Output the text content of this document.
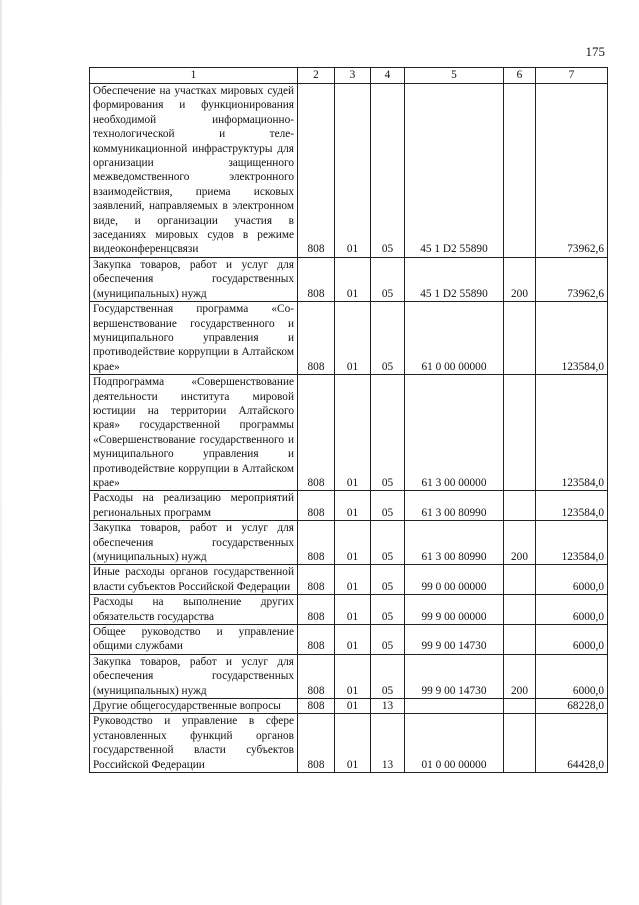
175
1	2	3	4	5	6	7
Обеспечение на участках мировых судей формирования и функционирования необходимой информационно-технологической и телекоммуникационной инфраструктуры для организации защищенного межведомственного электронного взаимодействия, приема исковых заявлений, направляемых в электронном виде, и организации участия в заседаниях мировых судов в режиме видеоконференцсвязи	808	01	05	45 1 D2 55890		73962,6
Закупка товаров, работ и услуг для обеспечения государственных (муниципальных) нужд	808	01	05	45 1 D2 55890	200	73962,6
Государственная программа «Совершенствование государственного и муниципального управления и противодействие коррупции в Алтайском крае»	808	01	05	61 0 00 00000		123584,0
Подпрограмма «Совершенствование деятельности института мировой юстиции на территории Алтайского края» государственной программы «Совершенствование государственного и муниципального управления и противодействие коррупции в Алтайском крае»	808	01	05	61 3 00 00000		123584,0
Расходы на реализацию мероприятий региональных программ	808	01	05	61 3 00 80990		123584,0
Закупка товаров, работ и услуг для обеспечения государственных (муниципальных) нужд	808	01	05	61 3 00 80990	200	123584,0
Иные расходы органов государственной власти субъектов Российской Федерации	808	01	05	99 0 00 00000		6000,0
Расходы на выполнение других обязательств государства	808	01	05	99 9 00 00000		6000,0
Общее руководство и управление общими службами	808	01	05	99 9 00 14730		6000,0
Закупка товаров, работ и услуг для обеспечения государственных (муниципальных) нужд	808	01	05	99 9 00 14730	200	6000,0
Другие общегосударственные вопросы	808	01	13			68228,0
Руководство и управление в сфере установленных функций органов государственной власти субъектов Российской Федерации	808	01	13	01 0 00 00000		64428,0
